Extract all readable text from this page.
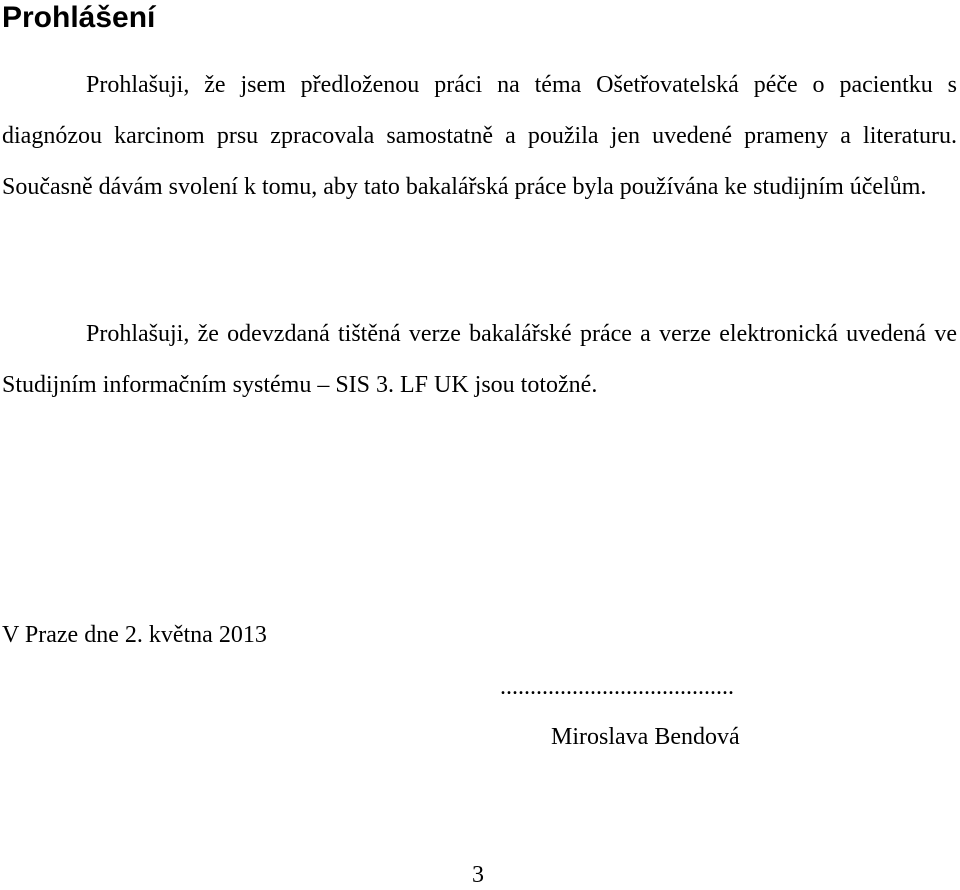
Prohlášení

Prohlašuji, že jsem předloženou práci na téma Ošetřovatelská péče o pacientku s diagnózou karcinom prsu zpracovala samostatně a použila jen uvedené prameny a literaturu. Současně dávám svolení k tomu, aby tato bakalářská práce byla používána ke studijním účelům.

Prohlašuji, že odevzdaná tištěná verze bakalářské práce a verze elektronická uvedená ve Studijním informačním systému – SIS 3. LF UK jsou totožné.

V Praze dne 2. května 2013

.......................................

Miroslava Bendová

3
